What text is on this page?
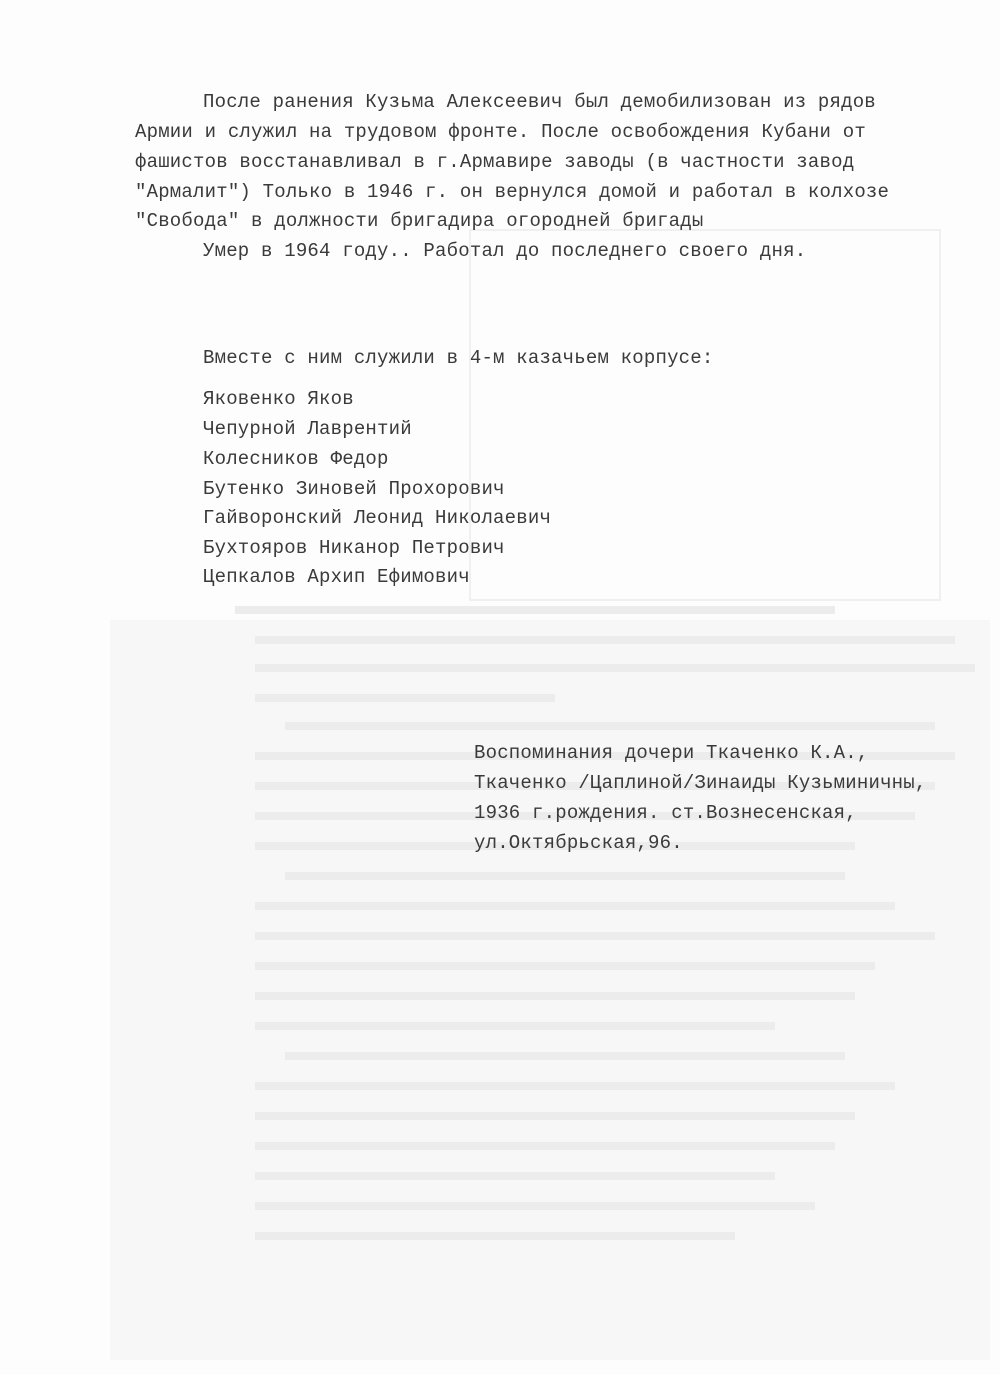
После ранения Кузьма Алексеевич был демобилизован из рядов
Армии и служил на трудовом фронте. После освобождения Кубани от
фашистов восстанавливал в г.Армавире заводы (в частности завод
"Армалит") Только в 1946 г. он вернулся домой и работал в колхозе
"Свобода" в должности бригадира огородней бригады
Умер в 1964 году.. Работал до последнего своего дня.
Вместе с ним служили в 4-м казачьем корпусе:
Яковенко Яков
Чепурной Лаврентий
Колесников Федор
Бутенко Зиновей Прохорович
Гайворонский Леонид Николаевич
Бухтояров Никанор Петрович
Цепкалов Архип Ефимович
Воспоминания дочери Ткаченко К.А.,
Ткаченко /Цаплиной/Зинаиды Кузьминичны,
1936 г.рождения. ст.Вознесенская,
ул.Октябрьская,96.
